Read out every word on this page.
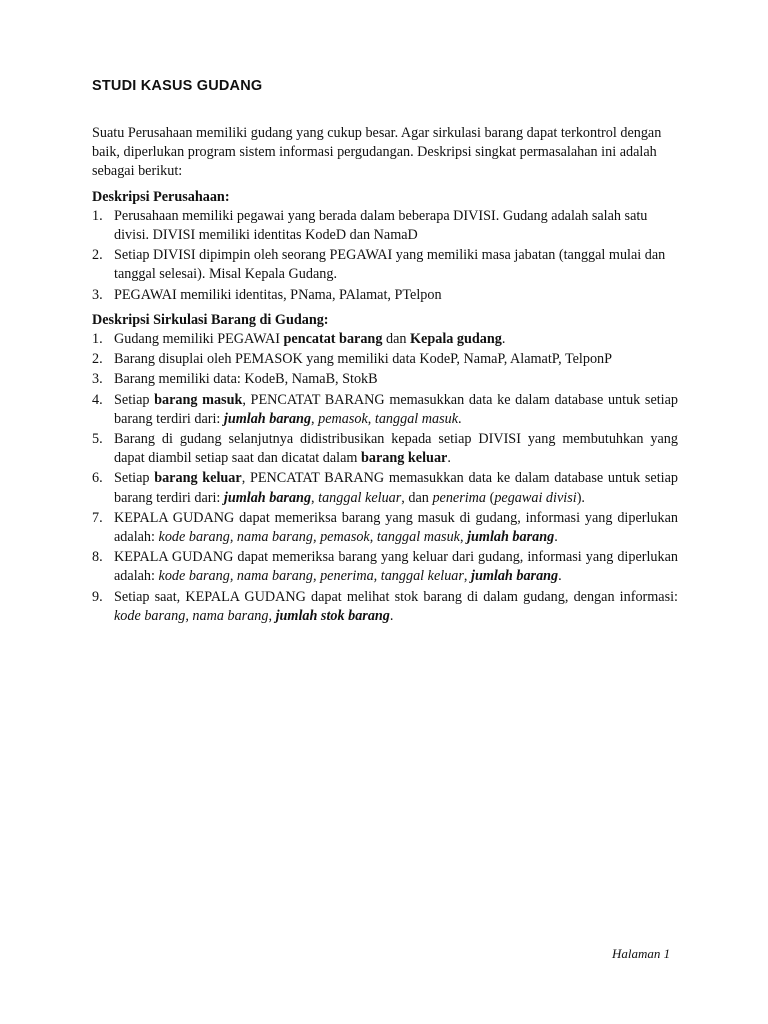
STUDI KASUS GUDANG

Suatu Perusahaan memiliki gudang yang cukup besar. Agar sirkulasi barang dapat terkontrol dengan baik, diperlukan program sistem informasi pergudangan. Deskripsi singkat permasalahan ini adalah sebagai berikut:

Deskripsi Perusahaan:

1. Perusahaan memiliki pegawai yang berada dalam beberapa DIVISI. Gudang adalah salah satu divisi. DIVISI memiliki identitas KodeD dan NamaD
2. Setiap DIVISI dipimpin oleh seorang PEGAWAI yang memiliki masa jabatan (tanggal mulai dan tanggal selesai). Misal Kepala Gudang.
3. PEGAWAI memiliki identitas, PNama, PAlamat, PTelpon

Deskripsi Sirkulasi Barang di Gudang:

1. Gudang memiliki PEGAWAI pencatat barang dan Kepala gudang.
2. Barang disuplai oleh PEMASOK yang memiliki data KodeP, NamaP, AlamatP, TelponP
3. Barang memiliki data: KodeB, NamaB, StokB
4. Setiap barang masuk, PENCATAT BARANG memasukkan data ke dalam database untuk setiap barang terdiri dari: jumlah barang, pemasok, tanggal masuk.
5. Barang di gudang selanjutnya didistribusikan kepada setiap DIVISI yang membutuhkan yang dapat diambil setiap saat dan dicatat dalam barang keluar.
6. Setiap barang keluar, PENCATAT BARANG memasukkan data ke dalam database untuk setiap barang terdiri dari: jumlah barang, tanggal keluar, dan penerima (pegawai divisi).
7. KEPALA GUDANG dapat memeriksa barang yang masuk di gudang, informasi yang diperlukan adalah: kode barang, nama barang, pemasok, tanggal masuk, jumlah barang.
8. KEPALA GUDANG dapat memeriksa barang yang keluar dari gudang, informasi yang diperlukan adalah: kode barang, nama barang, penerima, tanggal keluar, jumlah barang.
9. Setiap saat, KEPALA GUDANG dapat melihat stok barang di dalam gudang, dengan informasi: kode barang, nama barang, jumlah stok barang.
Halaman 1
